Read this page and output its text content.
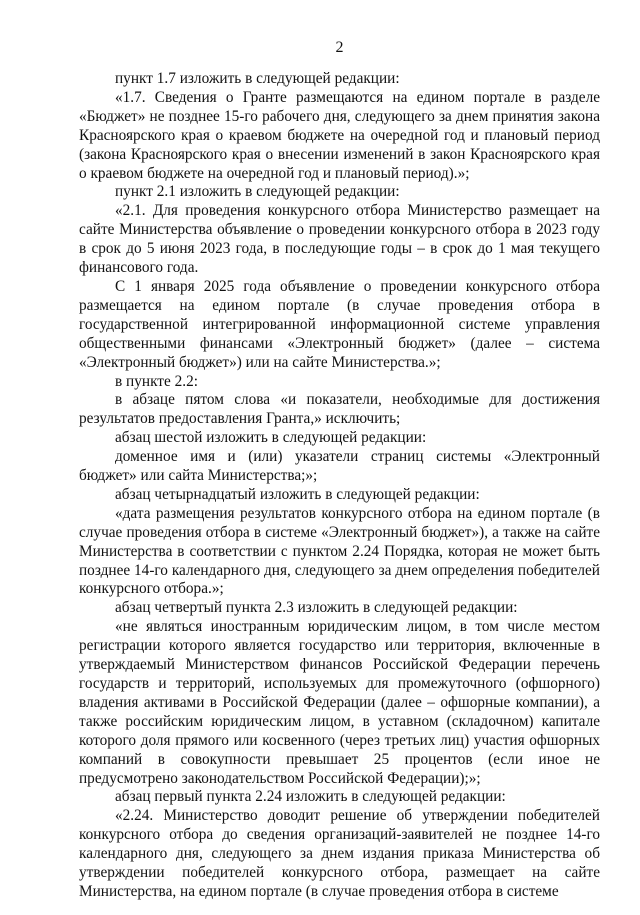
2

пункт 1.7 изложить в следующей редакции:

«1.7. Сведения о Гранте размещаются на едином портале в разделе «Бюджет» не позднее 15-го рабочего дня, следующего за днем принятия закона Красноярского края о краевом бюджете на очередной год и плановый период (закона Красноярского края о внесении изменений в закон Красноярского края о краевом бюджете на очередной год и плановый период).»;

пункт 2.1 изложить в следующей редакции:

«2.1. Для проведения конкурсного отбора Министерство размещает на сайте Министерства объявление о проведении конкурсного отбора в 2023 году в срок до 5 июня 2023 года, в последующие годы – в срок до 1 мая текущего финансового года.

С 1 января 2025 года объявление о проведении конкурсного отбора размещается на едином портале (в случае проведения отбора в государственной интегрированной информационной системе управления общественными финансами «Электронный бюджет» (далее – система «Электронный бюджет») или на сайте Министерства.»;

в пункте 2.2:

в абзаце пятом слова «и показатели, необходимые для достижения результатов предоставления Гранта,» исключить;

абзац шестой изложить в следующей редакции:

доменное имя и (или) указатели страниц системы «Электронный бюджет» или сайта Министерства;»;

абзац четырнадцатый изложить в следующей редакции:

«дата размещения результатов конкурсного отбора на едином портале (в случае проведения отбора в системе «Электронный бюджет»), а также на сайте Министерства в соответствии с пунктом 2.24 Порядка, которая не может быть позднее 14-го календарного дня, следующего за днем определения победителей конкурсного отбора.»;

абзац четвертый пункта 2.3 изложить в следующей редакции:

«не являться иностранным юридическим лицом, в том числе местом регистрации которого является государство или территория, включенные в утверждаемый Министерством финансов Российской Федерации перечень государств и территорий, используемых для промежуточного (офшорного) владения активами в Российской Федерации (далее – офшорные компании), а также российским юридическим лицом, в уставном (складочном) капитале которого доля прямого или косвенного (через третьих лиц) участия офшорных компаний в совокупности превышает 25 процентов (если иное не предусмотрено законодательством Российской Федерации);»;

абзац первый пункта 2.24 изложить в следующей редакции:

«2.24. Министерство доводит решение об утверждении победителей конкурсного отбора до сведения организаций-заявителей не позднее 14-го календарного дня, следующего за днем издания приказа Министерства об утверждении победителей конкурсного отбора, размещает на сайте Министерства, на едином портале (в случае проведения отбора в системе
